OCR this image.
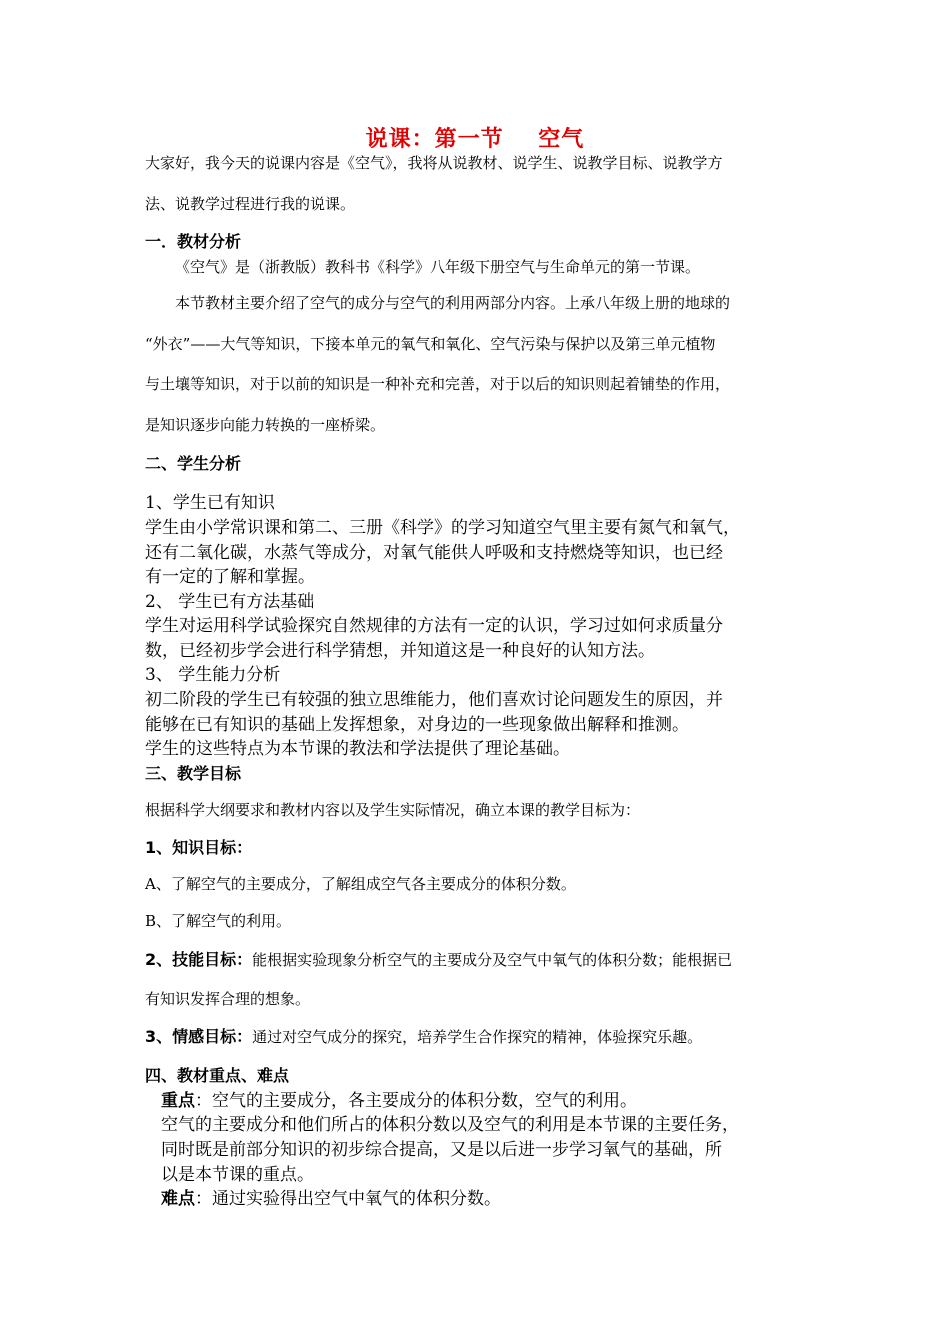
说课：第一节    空气
大家好，我今天的说课内容是《空气》，我将从说教材、说学生、说教学目标、说教学方
法、说教学过程进行我的说课。
一．教材分析
《空气》是（浙教版）教科书《科学》八年级下册空气与生命单元的第一节课。
本节教材主要介绍了空气的成分与空气的利用两部分内容。上承八年级上册的地球的
“外衣”——大气等知识，下接本单元的氧气和氧化、空气污染与保护以及第三单元植物
与土壤等知识，对于以前的知识是一种补充和完善，对于以后的知识则起着铺垫的作用，
是知识逐步向能力转换的一座桥梁。
二、学生分析
1、学生已有知识
学生由小学常识课和第二、三册《科学》的学习知道空气里主要有氮气和氧气，
还有二氧化碳，水蒸气等成分，对氧气能供人呼吸和支持燃烧等知识，也已经
有一定的了解和掌握。
2、 学生已有方法基础
学生对运用科学试验探究自然规律的方法有一定的认识，学习过如何求质量分
数，已经初步学会进行科学猜想，并知道这是一种良好的认知方法。
3、 学生能力分析
初二阶段的学生已有较强的独立思维能力，他们喜欢讨论问题发生的原因，并
能够在已有知识的基础上发挥想象，对身边的一些现象做出解释和推测。
学生的这些特点为本节课的教法和学法提供了理论基础。
三、教学目标
根据科学大纲要求和教材内容以及学生实际情况，确立本课的教学目标为：
1、知识目标：
A、了解空气的主要成分，了解组成空气各主要成分的体积分数。
B、了解空气的利用。
2、技能目标：能根据实验现象分析空气的主要成分及空气中氧气的体积分数；能根据已
有知识发挥合理的想象。
3、情感目标：通过对空气成分的探究，培养学生合作探究的精神，体验探究乐趣。
四、教材重点、难点
重点：空气的主要成分，各主要成分的体积分数，空气的利用。
空气的主要成分和他们所占的体积分数以及空气的利用是本节课的主要任务，
同时既是前部分知识的初步综合提高，又是以后进一步学习氧气的基础，所
以是本节课的重点。
难点：通过实验得出空气中氧气的体积分数。
